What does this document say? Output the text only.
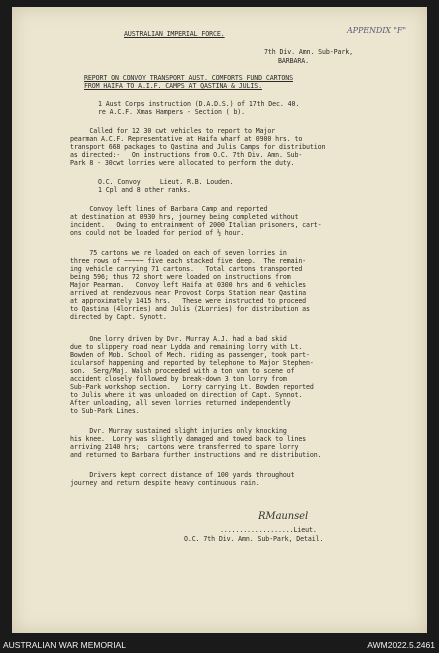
APPENDIX "F"
AUSTRALIAN IMPERIAL FORCE.
7th Div. Amn. Sub-Park,
BARBARA.
REPORT ON CONVOY TRANSPORT AUST. COMFORTS FUND CARTONS
FROM HAIFA TO A.I.F. CAMPS AT QASTINA & JULIS.
1 Aust Corps instruction (D.A.D.S.) of 17th Dec. 40.
re A.C.F. Xmas Hampers - Section ( b).
Called for 12 30 cwt vehicles to report to Major
pearman A.C.F. Representative at Haifa wharf at 0900 hrs. to
transport 668 packages to Qastina and Julis Camps for distribution
as directed:-   On instructions from O.C. 7th Div. Amn. Sub-
Park 8 - 30cwt lorries were allocated to perform the duty.
O.C. Convoy     Lieut. R.B. Louden.
1 Cpl and 8 other ranks.
Convoy left lines of Barbara Camp and reported
at destination at 0930 hrs, journey being completed without
incident.   Owing to entrainment of 2000 Italian prisoners, cart-
ons could not be loaded for period of ½ hour.
75 cartons we re loaded on each of seven lorries in
three rows of ~~~~~ five each stacked five deep.  The remain-
ing vehicle carrying 71 cartons.   Total cartons transported
being 596; thus 72 short were loaded on instructions from
Major Pearman.   Convoy left Haifa at 0300 hrs and 6 vehicles
arrived at rendezvous near Provost Corps Station near Qastina
at approximately 1415 hrs.   These were instructed to proceed
to Qastina (4lorries) and Julis (2Lorries) for distribution as
directed by Capt. Synott.
One lorry driven by Dvr. Murray A.J. had a bad skid
due to slippery road near Lydda and remaining lorry with Lt.
Bowden of Mob. School of Mech. riding as passenger, took part-
icularsof happening and reported by telephone to Major Stephen-
son.  Serg/Maj. Walsh proceeded with a ton van to scene of
accident closely followed by break-down 3 ton lorry from
Sub-Park workshop section.   Lorry carrying Lt. Bowden reported
to Julis where it was unloaded on direction of Capt. Synnot.
After unloading, all seven lorries returned independently
to Sub-Park Lines.
Dvr. Murray sustained slight injuries only knocking
his knee.  Lorry was slightly damaged and towed back to lines
arriving 2140 hrs;  cartons were transferred to spare lorry
and returned to Barbara further instructions and re distribution.
Drivers kept correct distance of 100 yards throughout
journey and return despite heavy continuous rain.
RMaunsel
...................Lieut.
O.C. 7th Div. Amn. Sub-Park, Detail.
AUSTRALIAN WAR MEMORIAL	AWM2022.5.2461
